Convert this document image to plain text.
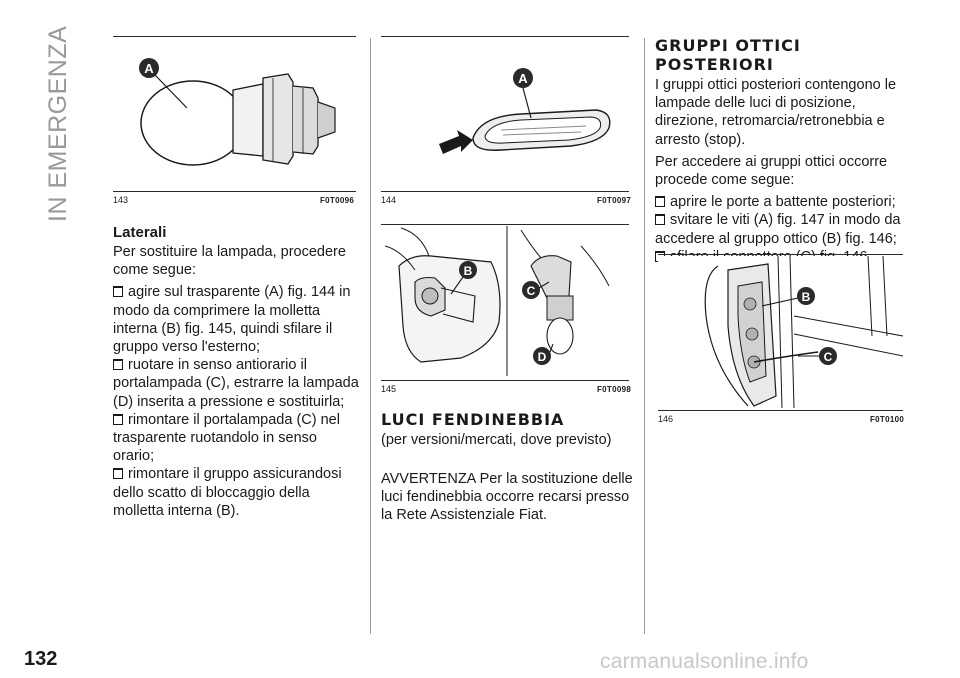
IN EMERGENZA	A
143	F0T0096
Laterali

Per sostituire la lampada, procedere come segue:

agire sul trasparente (A) fig. 144 in modo da comprimere la molletta interna (B) fig. 145, quindi sfilare il gruppo verso l'esterno;

ruotare in senso antiorario il portalampada (C), estrarre la lampada (D) inserita a pressione e sostituirla;

rimontare il portalampada (C) nel trasparente ruotandolo in senso orario;

rimontare il gruppo assicurandosi dello scatto di bloccaggio della molletta interna (B).

A
144	F0T0097
B
C
D
145	F0T0098
LUCI FENDINEBBIA
(per versioni/mercati, dove previsto)
AVVERTENZA Per la sostituzione delle luci fendinebbia occorre recarsi presso la Rete Assistenziale Fiat.
GRUPPI OTTICI
POSTERIORI

I gruppi ottici posteriori contengono le lampade delle luci di posizione, direzione, retromarcia/retronebbia e arresto (stop).

Per accedere ai gruppi ottici occorre procede come segue:

aprire le porte a battente posteriori;

svitare le viti (A) fig. 147 in modo da accedere al gruppo ottico (B) fig. 146;

B
C
146	F0T0100
132	carmanualsonline.info
